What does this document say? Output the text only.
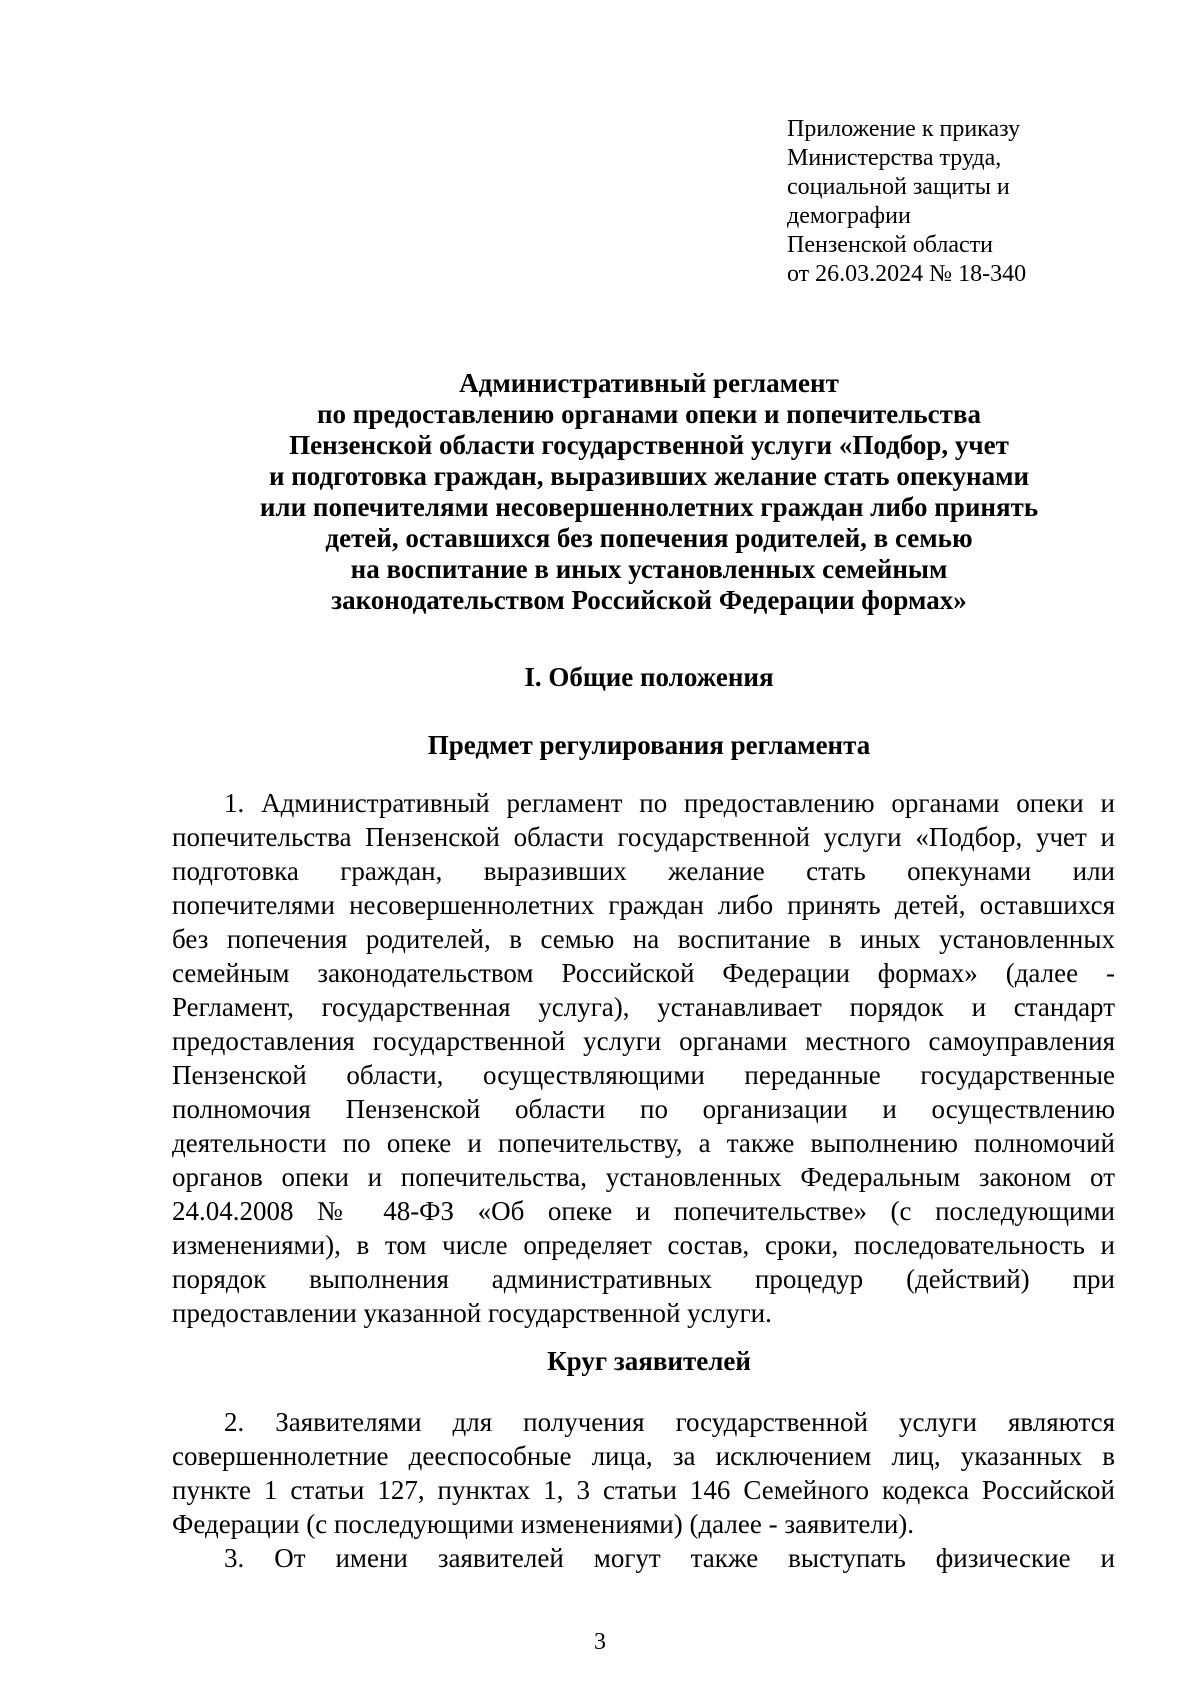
Приложение к приказу
Министерства труда,
социальной защиты и
демографии
Пензенской области
от 26.03.2024 № 18-340
Административный регламент
по предоставлению органами опеки и попечительства
Пензенской области государственной услуги «Подбор, учет
и подготовка граждан, выразивших желание стать опекунами
или попечителями несовершеннолетних граждан либо принять
детей, оставшихся без попечения родителей, в семью
на воспитание в иных установленных семейным
законодательством Российской Федерации формах»
I. Общие положения
Предмет регулирования регламента
1. Административный регламент по предоставлению органами опеки и
попечительства Пензенской области государственной услуги «Подбор, учет и
подготовка граждан, выразивших желание стать опекунами или
попечителями несовершеннолетних граждан либо принять детей, оставшихся
без попечения родителей, в семью на воспитание в иных установленных
семейным законодательством Российской Федерации формах» (далее -
Регламент, государственная услуга), устанавливает порядок и стандарт
предоставления государственной услуги органами местного самоуправления
Пензенской области, осуществляющими переданные государственные
полномочия Пензенской области по организации и осуществлению
деятельности по опеке и попечительству, а также выполнению полномочий
органов опеки и попечительства, установленных Федеральным законом от
24.04.2008 № 48-ФЗ «Об опеке и попечительстве» (с последующими
изменениями), в том числе определяет состав, сроки, последовательность и
порядок выполнения административных процедур (действий) при
предоставлении указанной государственной услуги.
Круг заявителей
2. Заявителями для получения государственной услуги являются
совершеннолетние дееспособные лица, за исключением лиц, указанных в
пункте 1 статьи 127, пунктах 1, 3 статьи 146 Семейного кодекса Российской
Федерации (с последующими изменениями) (далее - заявители).
3. От имени заявителей могут также выступать физические и
3
